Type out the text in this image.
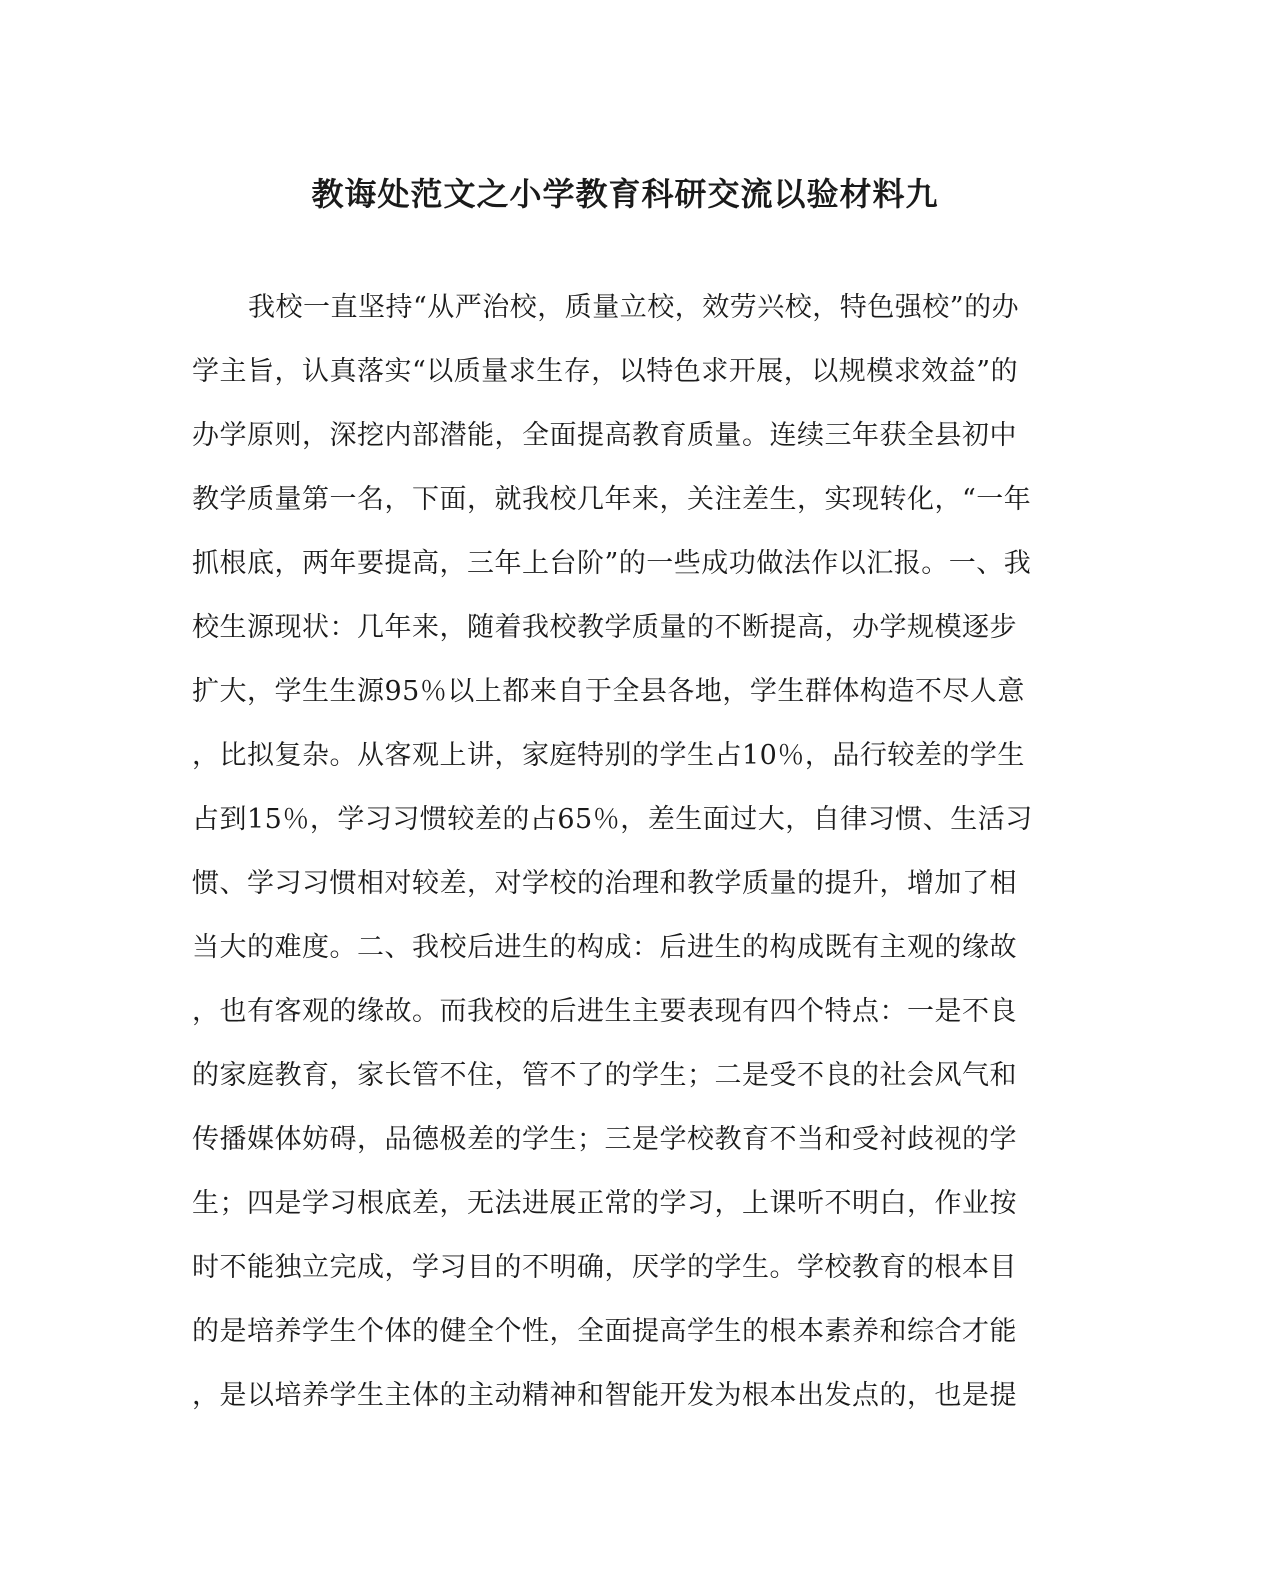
教诲处范文之小学教育科研交流以验材料九
我校一直坚持“从严治校，质量立校，效劳兴校，特色强校”的办
学主旨，认真落实“以质量求生存，以特色求开展，以规模求效益”的
办学原则，深挖内部潜能，全面提高教育质量。连续三年获全县初中
教学质量第一名，下面，就我校几年来，关注差生，实现转化，“一年
抓根底，两年要提高，三年上台阶”的一些成功做法作以汇报。一、我
校生源现状：几年来，随着我校教学质量的不断提高，办学规模逐步
扩大，学生生源95％以上都来自于全县各地，学生群体构造不尽人意
，比拟复杂。从客观上讲，家庭特别的学生占10％，品行较差的学生
占到15％，学习习惯较差的占65％，差生面过大，自律习惯、生活习
惯、学习习惯相对较差，对学校的治理和教学质量的提升，增加了相
当大的难度。二、我校后进生的构成：后进生的构成既有主观的缘故
，也有客观的缘故。而我校的后进生主要表现有四个特点：一是不良
的家庭教育，家长管不住，管不了的学生；二是受不良的社会风气和
传播媒体妨碍，品德极差的学生；三是学校教育不当和受衬歧视的学
生；四是学习根底差，无法进展正常的学习，上课听不明白，作业按
时不能独立完成，学习目的不明确，厌学的学生。学校教育的根本目
的是培养学生个体的健全个性，全面提高学生的根本素养和综合才能
，是以培养学生主体的主动精神和智能开发为根本出发点的，也是提
